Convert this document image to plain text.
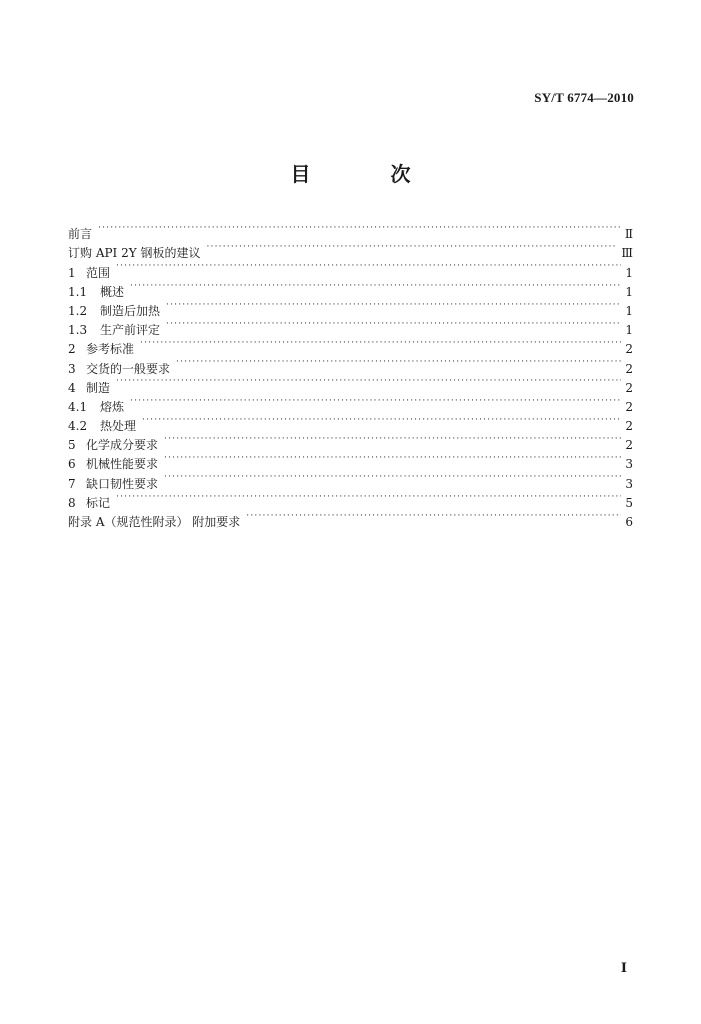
SY/T 6774—2010
目　次
前言 ·····	Ⅱ
订购 API 2Y 钢板的建议 ·····	Ⅲ
1 范围 ·····	1
1.1	概述 ·····	1
1.2	制造后加热 ·····	1
1.3	生产前评定 ·····	1
2 参考标准 ·····	2
3 交货的一般要求 ·····	2
4 制造 ·····	2
4.1	熔炼 ·····	2
4.2	热处理 ·····	2
5 化学成分要求 ·····	2
6 机械性能要求 ·····	3
7 缺口韧性要求 ·····	3
8 标记 ·····	5
附录 A（规范性附录） 附加要求 ·····	6
Ⅰ
